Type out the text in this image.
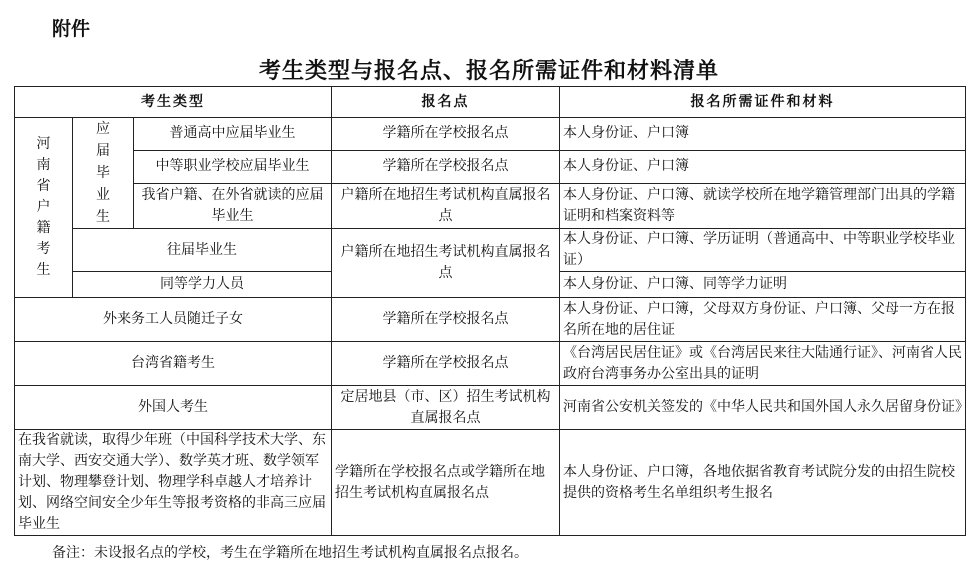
附件
考生类型与报名点、报名所需证件和材料清单
考生类型			报名点	报名所需证件和材料

河南省户籍考生	应届毕业生	普通高中应届毕业生	学籍所在学校报名点	本人身份证、户口簿
		中等职业学校应届毕业生	学籍所在学校报名点	本人身份证、户口簿
		我省户籍、在外省就读的应届毕业生	户籍所在地招生考试机构直属报名点	本人身份证、户口簿、就读学校所在地学籍管理部门出具的学籍证明和档案资料等
	往届毕业生		户籍所在地招生考试机构直属报名点	本人身份证、户口簿、学历证明（普通高中、中等职业学校毕业证）
	同等学力人员			本人身份证、户口簿、同等学力证明
外来务工人员随迁子女			学籍所在学校报名点	本人身份证、户口簿，父母双方身份证、户口簿、父母一方在报名所在地的居住证
台湾省籍考生			学籍所在学校报名点	《台湾居民居住证》或《台湾居民来往大陆通行证》、河南省人民政府台湾事务办公室出具的证明
外国人考生			定居地县（市、区）招生考试机构直属报名点	河南省公安机关签发的《中华人民共和国外国人永久居留身份证》
在我省就读，取得少年班（中国科学技术大学、东南大学、西安交通大学）、数学英才班、数学领军计划、物理攀登计划、物理学科卓越人才培养计划、网络空间安全少年生等报考资格的非高三应届毕业生			学籍所在学校报名点或学籍所在地招生考试机构直属报名点	本人身份证、户口簿，各地依据省教育考试院分发的由招生院校提供的资格考生名单组织考生报名
备注：未设报名点的学校，考生在学籍所在地招生考试机构直属报名点报名。
